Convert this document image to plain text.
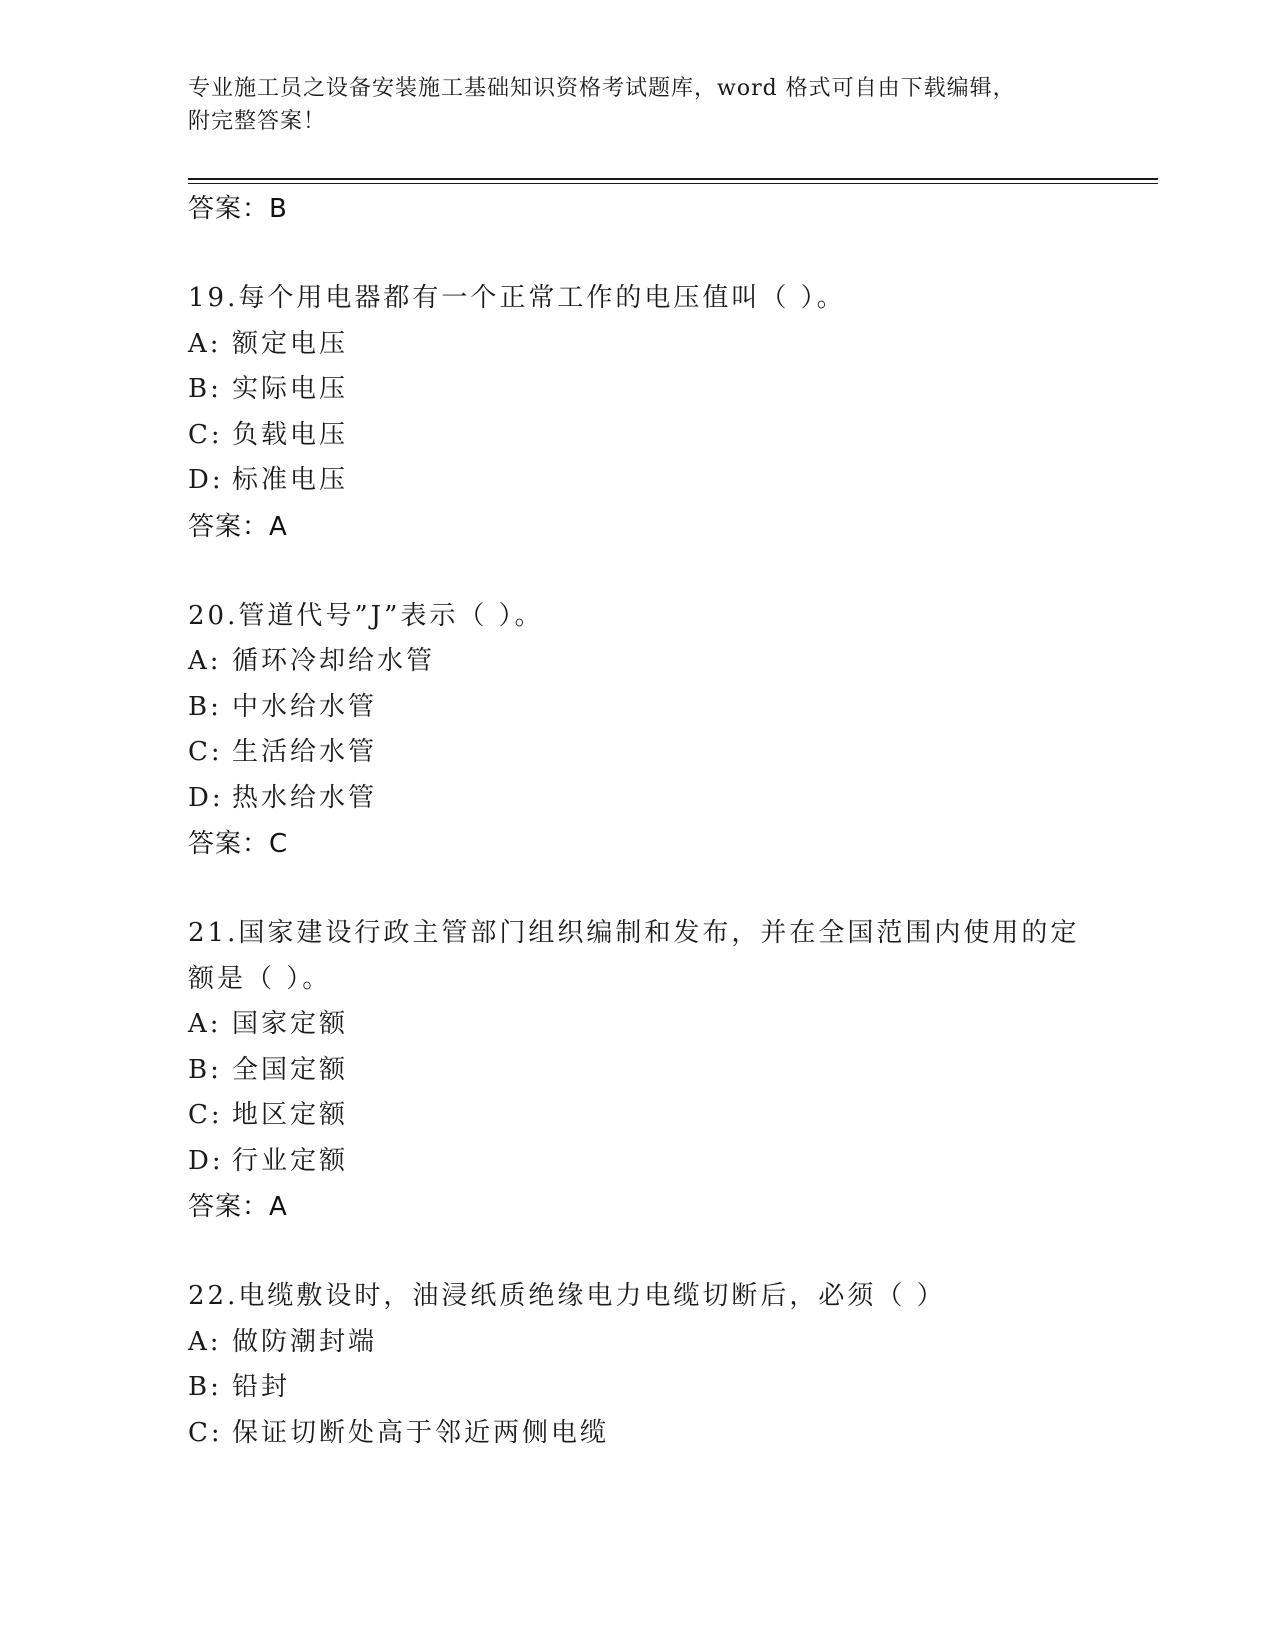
专业施工员之设备安装施工基础知识资格考试题库，word 格式可自由下载编辑，
附完整答案！
答案：B
19.每个用电器都有一个正常工作的电压值叫（ ）。
A: 额定电压
B: 实际电压
C: 负载电压
D: 标准电压
答案：A
20.管道代号”J”表示（ ）。
A: 循环冷却给水管
B: 中水给水管
C: 生活给水管
D: 热水给水管
答案：C
21.国家建设行政主管部门组织编制和发布，并在全国范围内使用的定额是（ ）。
A: 国家定额
B: 全国定额
C: 地区定额
D: 行业定额
答案：A
22.电缆敷设时，油浸纸质绝缘电力电缆切断后，必须（ ）
A: 做防潮封端
B: 铅封
C: 保证切断处高于邻近两侧电缆
